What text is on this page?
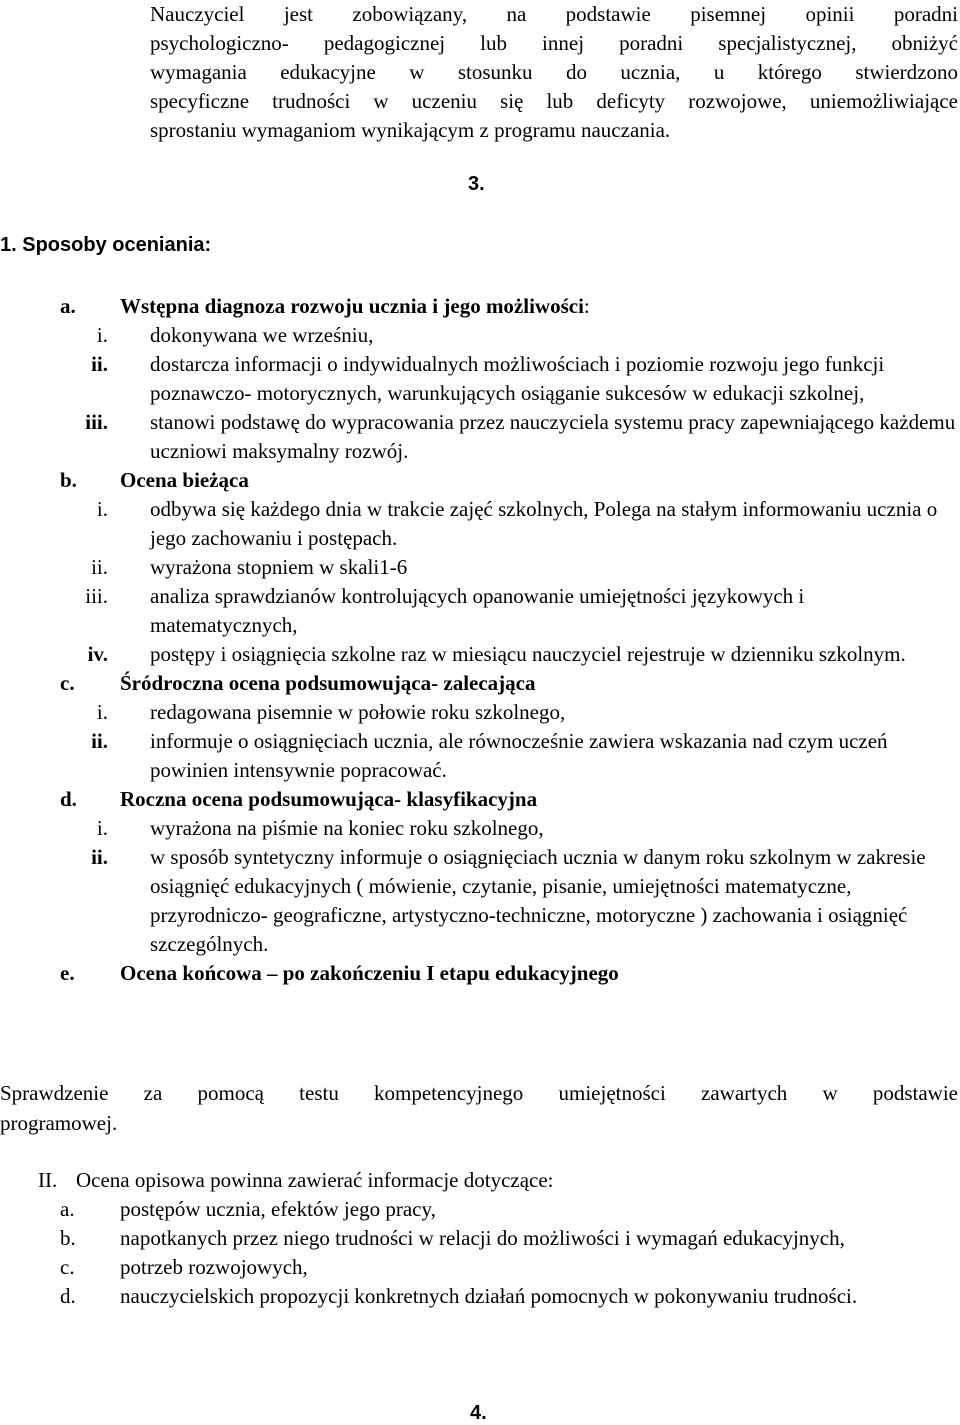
Nauczyciel jest zobowiązany, na podstawie pisemnej opinii poradni
psychologiczno- pedagogicznej lub innej poradni specjalistycznej, obniżyć
wymagania edukacyjne w stosunku do ucznia, u którego stwierdzono
specyficzne trudności w uczeniu się lub deficyty rozwojowe, uniemożliwiające
sprostaniu wymaganiom wynikającym z programu nauczania.
3.
1. Sposoby oceniania:
a.	Wstępna diagnoza rozwoju ucznia i jego możliwości:
i. dokonywana we wrześniu,
ii. dostarcza informacji o indywidualnych możliwościach i poziomie rozwoju jego funkcji poznawczo- motorycznych, warunkujących osiąganie sukcesów w edukacji szkolnej,
iii. stanowi podstawę do wypracowania przez nauczyciela systemu pracy zapewniającego każdemu uczniowi maksymalny rozwój.
b.	Ocena bieżąca
i. odbywa się każdego dnia w trakcie zajęć szkolnych, Polega na stałym informowaniu ucznia o jego zachowaniu i postępach.
ii. wyrażona stopniem w skali1-6
iii. analiza sprawdzianów kontrolujących opanowanie umiejętności językowych i matematycznych,
iv. postępy i osiągnięcia szkolne raz w miesiącu nauczyciel rejestruje w dzienniku szkolnym.
c.	Śródroczna ocena podsumowująca- zalecająca
i. redagowana pisemnie w połowie roku szkolnego,
ii. informuje o osiągnięciach ucznia, ale równocześnie zawiera wskazania nad czym uczeń powinien intensywnie popracować.
d.	Roczna ocena podsumowująca- klasyfikacyjna
i. wyrażona na piśmie na koniec roku szkolnego,
ii. w sposób syntetyczny informuje o osiągnięciach ucznia w danym roku szkolnym w zakresie osiągnięć edukacyjnych ( mówienie, czytanie, pisanie, umiejętności matematyczne, przyrodniczo- geograficzne, artystyczno-techniczne, motoryczne ) zachowania i osiągnięć szczególnych.
e.	Ocena końcowa – po zakończeniu I etapu edukacyjnego
Sprawdzenie za pomocą testu kompetencyjnego umiejętności zawartych w podstawie
programowej.
II. Ocena opisowa powinna zawierać informacje dotyczące:
a. postępów ucznia, efektów jego pracy,
b. napotkanych przez niego trudności w relacji do możliwości i wymagań edukacyjnych,
c. potrzeb rozwojowych,
d. nauczycielskich propozycji konkretnych działań pomocnych w pokonywaniu trudności.
4.
